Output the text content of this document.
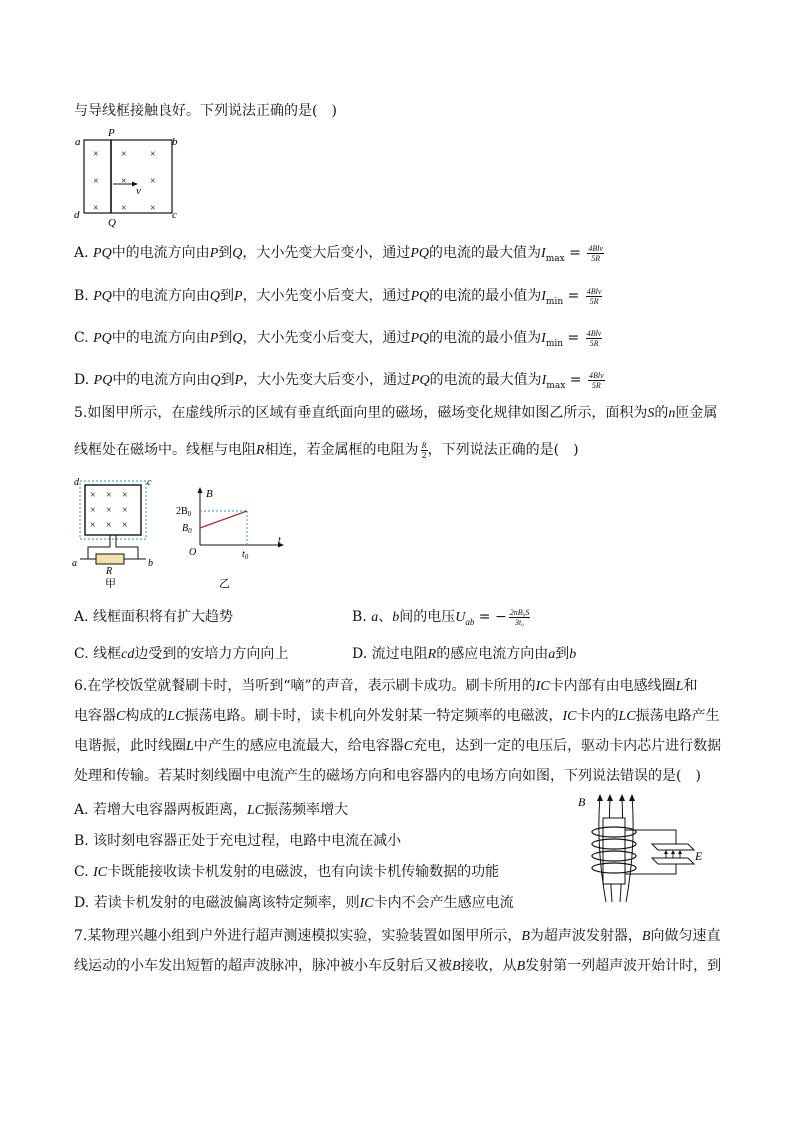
与导线框接触良好。下列说法正确的是(　)
a	b
c
d
P
Q
× × ×
× × ×
× × ×
v
A. PQ中的电流方向由P到Q，大小先变大后变小，通过PQ的电流的最大值为$I_{max} = \frac{\text{4Blv}}{5R}$
B. PQ中的电流方向由Q到P，大小先变小后变大，通过PQ的电流的最小值为$I_{min} = \frac{\text{4Blv}}{5R}$
C. PQ中的电流方向由P到Q，大小先变小后变大，通过PQ的电流的最小值为$I_{min} = \frac{\text{4Blv}}{5R}$
D. PQ中的电流方向由Q到P，大小先变大后变小，通过PQ的电流的最大值为$I_{max} = \frac{\text{4Blv}}{5R}$
5.如图甲所示，在虚线所示的区域有垂直纸面向里的磁场，磁场变化规律如图乙所示，面积为S的n匝金属
线框处在磁场中。线框与电阻R相连，若金属框的电阻为 $\frac{R}{2}$ ，下列说法正确的是(　)
d	c
× × ×
× × ×
× × ×
a	b
R
甲
B
$2B_0$
$B_0$
O	$t_0$
t
乙
A. 线框面积将有扩大趋势	B. a、b间的电压$U_{ab}$ = − $\frac{\text{2nB₀S}}{\text{3t₀}}$
C. 线框cd边受到的安培力方向向上	D. 流过电阻R的感应电流方向由a到b
6.在学校饭堂就餐刷卡时，当听到“嘀”的声音，表示刷卡成功。刷卡所用的IC卡内部有由电感线圈L和
电容器C构成的LC振荡电路。刷卡时，读卡机向外发射某一特定频率的电磁波，IC卡内的LC振荡电路产生
电谐振，此时线圈L中产生的感应电流最大，给电容器C充电，达到一定的电压后，驱动卡内芯片进行数据
处理和传输。若某时刻线圈中电流产生的磁场方向和电容器内的电场方向如图，下列说法错误的是(　)
A. 若增大电容器两板距离，LC振荡频率增大
B. 该时刻电容器正处于充电过程，电路中电流在减小
C. IC卡既能接收读卡机发射的电磁波，也有向读卡机传输数据的功能
D. 若读卡机发射的电磁波偏离该特定频率，则IC卡内不会产生感应电流
B
E
7.某物理兴趣小组到户外进行超声测速模拟实验，实验装置如图甲所示，B为超声波发射器，B向做匀速直
线运动的小车发出短暂的超声波脉冲，脉冲被小车反射后又被B接收，从B发射第一列超声波开始计时，到
